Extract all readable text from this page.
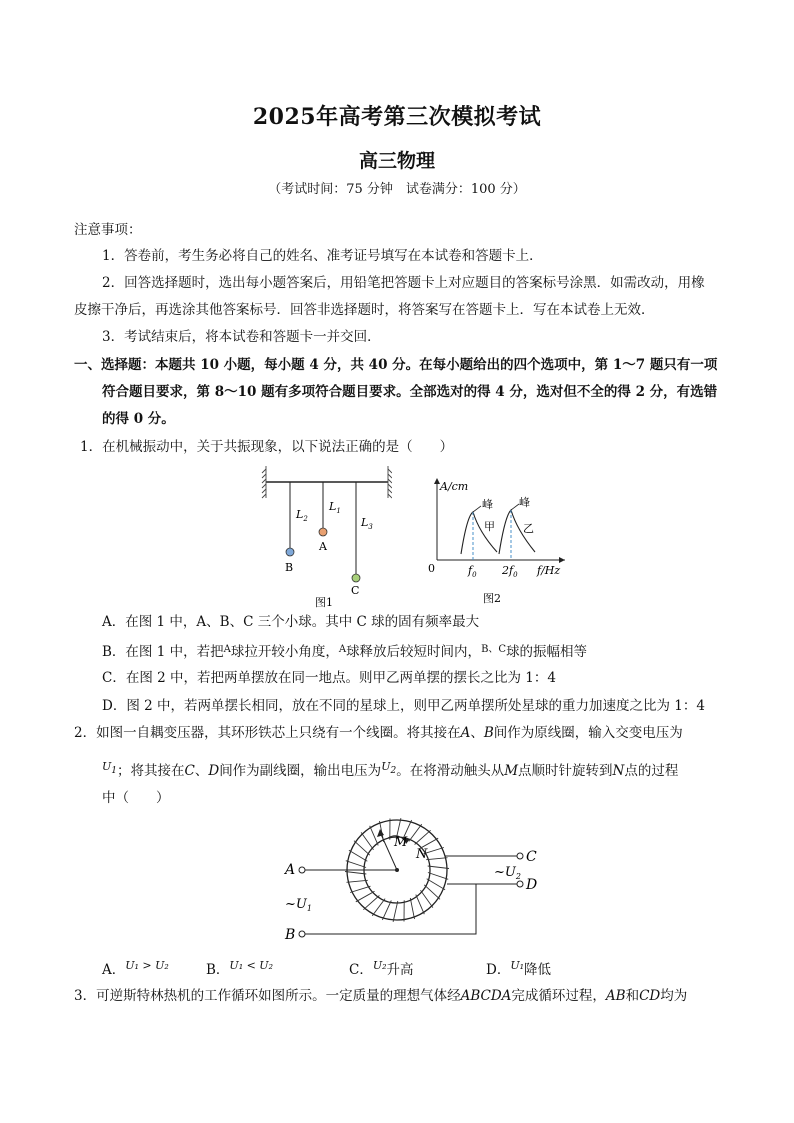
2025年高考第三次模拟考试
高三物理
（考试时间：75 分钟　试卷满分：100 分）
注意事项：
1．答卷前，考生务必将自己的姓名、准考证号填写在本试卷和答题卡上．
2．回答选择题时，选出每小题答案后，用铅笔把答题卡上对应题目的答案标号涂黑．如需改动，用橡
皮擦干净后，再选涂其他答案标号．回答非选择题时，将答案写在答题卡上．写在本试卷上无效．
3．考试结束后，将本试卷和答题卡一并交回．
一、选择题：本题共 10 小题，每小题 4 分，共 40 分。在每小题给出的四个选项中，第 1～7 题只有一项
符合题目要求，第 8～10 题有多项符合题目要求。全部选对的得 4 分，选对但不全的得 2 分，有选错
的得 0 分。
1．在机械振动中，关于共振现象，以下说法正确的是（　　）
$L_2$
$L_1$
$L_3$
A
B
C
图1
A/cm
f/Hz
0
峰 峰
甲	乙
$f_0$ $2f_0$
图2
A．在图 1 中，A、B、C 三个小球。其中 C 球的固有频率最大
B．在图 1 中，若把$^A$球拉开较小角度，$^A$球释放后较短时间内，$^{B、C}$球的振幅相等
C．在图 2 中，若把两单摆放在同一地点。则甲乙两单摆的摆长之比为 1：4
D．图 2 中，若两单摆长相同，放在不同的星球上，则甲乙两单摆所处星球的重力加速度之比为 1：4
2．如图一自耦变压器，其环形铁芯上只绕有一个线圈。将其接在A、B间作为原线圈，输入交变电压为
$^{U_1}$；将其接在C、D间作为副线圈，输出电压为$^{U_2}$。在将滑动触头从M点顺时针旋转到N点的过程
中（　　）
A
B
C
D
M
N
$\sim U_1$
$\sim U_2$
A．$^{U_1 > U_2}$	B．$^{U_1 < U_2}$	C．$^{U_2}$升高	D．$^{U_1}$降低
3．可逆斯特林热机的工作循环如图所示。一定质量的理想气体经ABCDA完成循环过程，AB和CD均为
